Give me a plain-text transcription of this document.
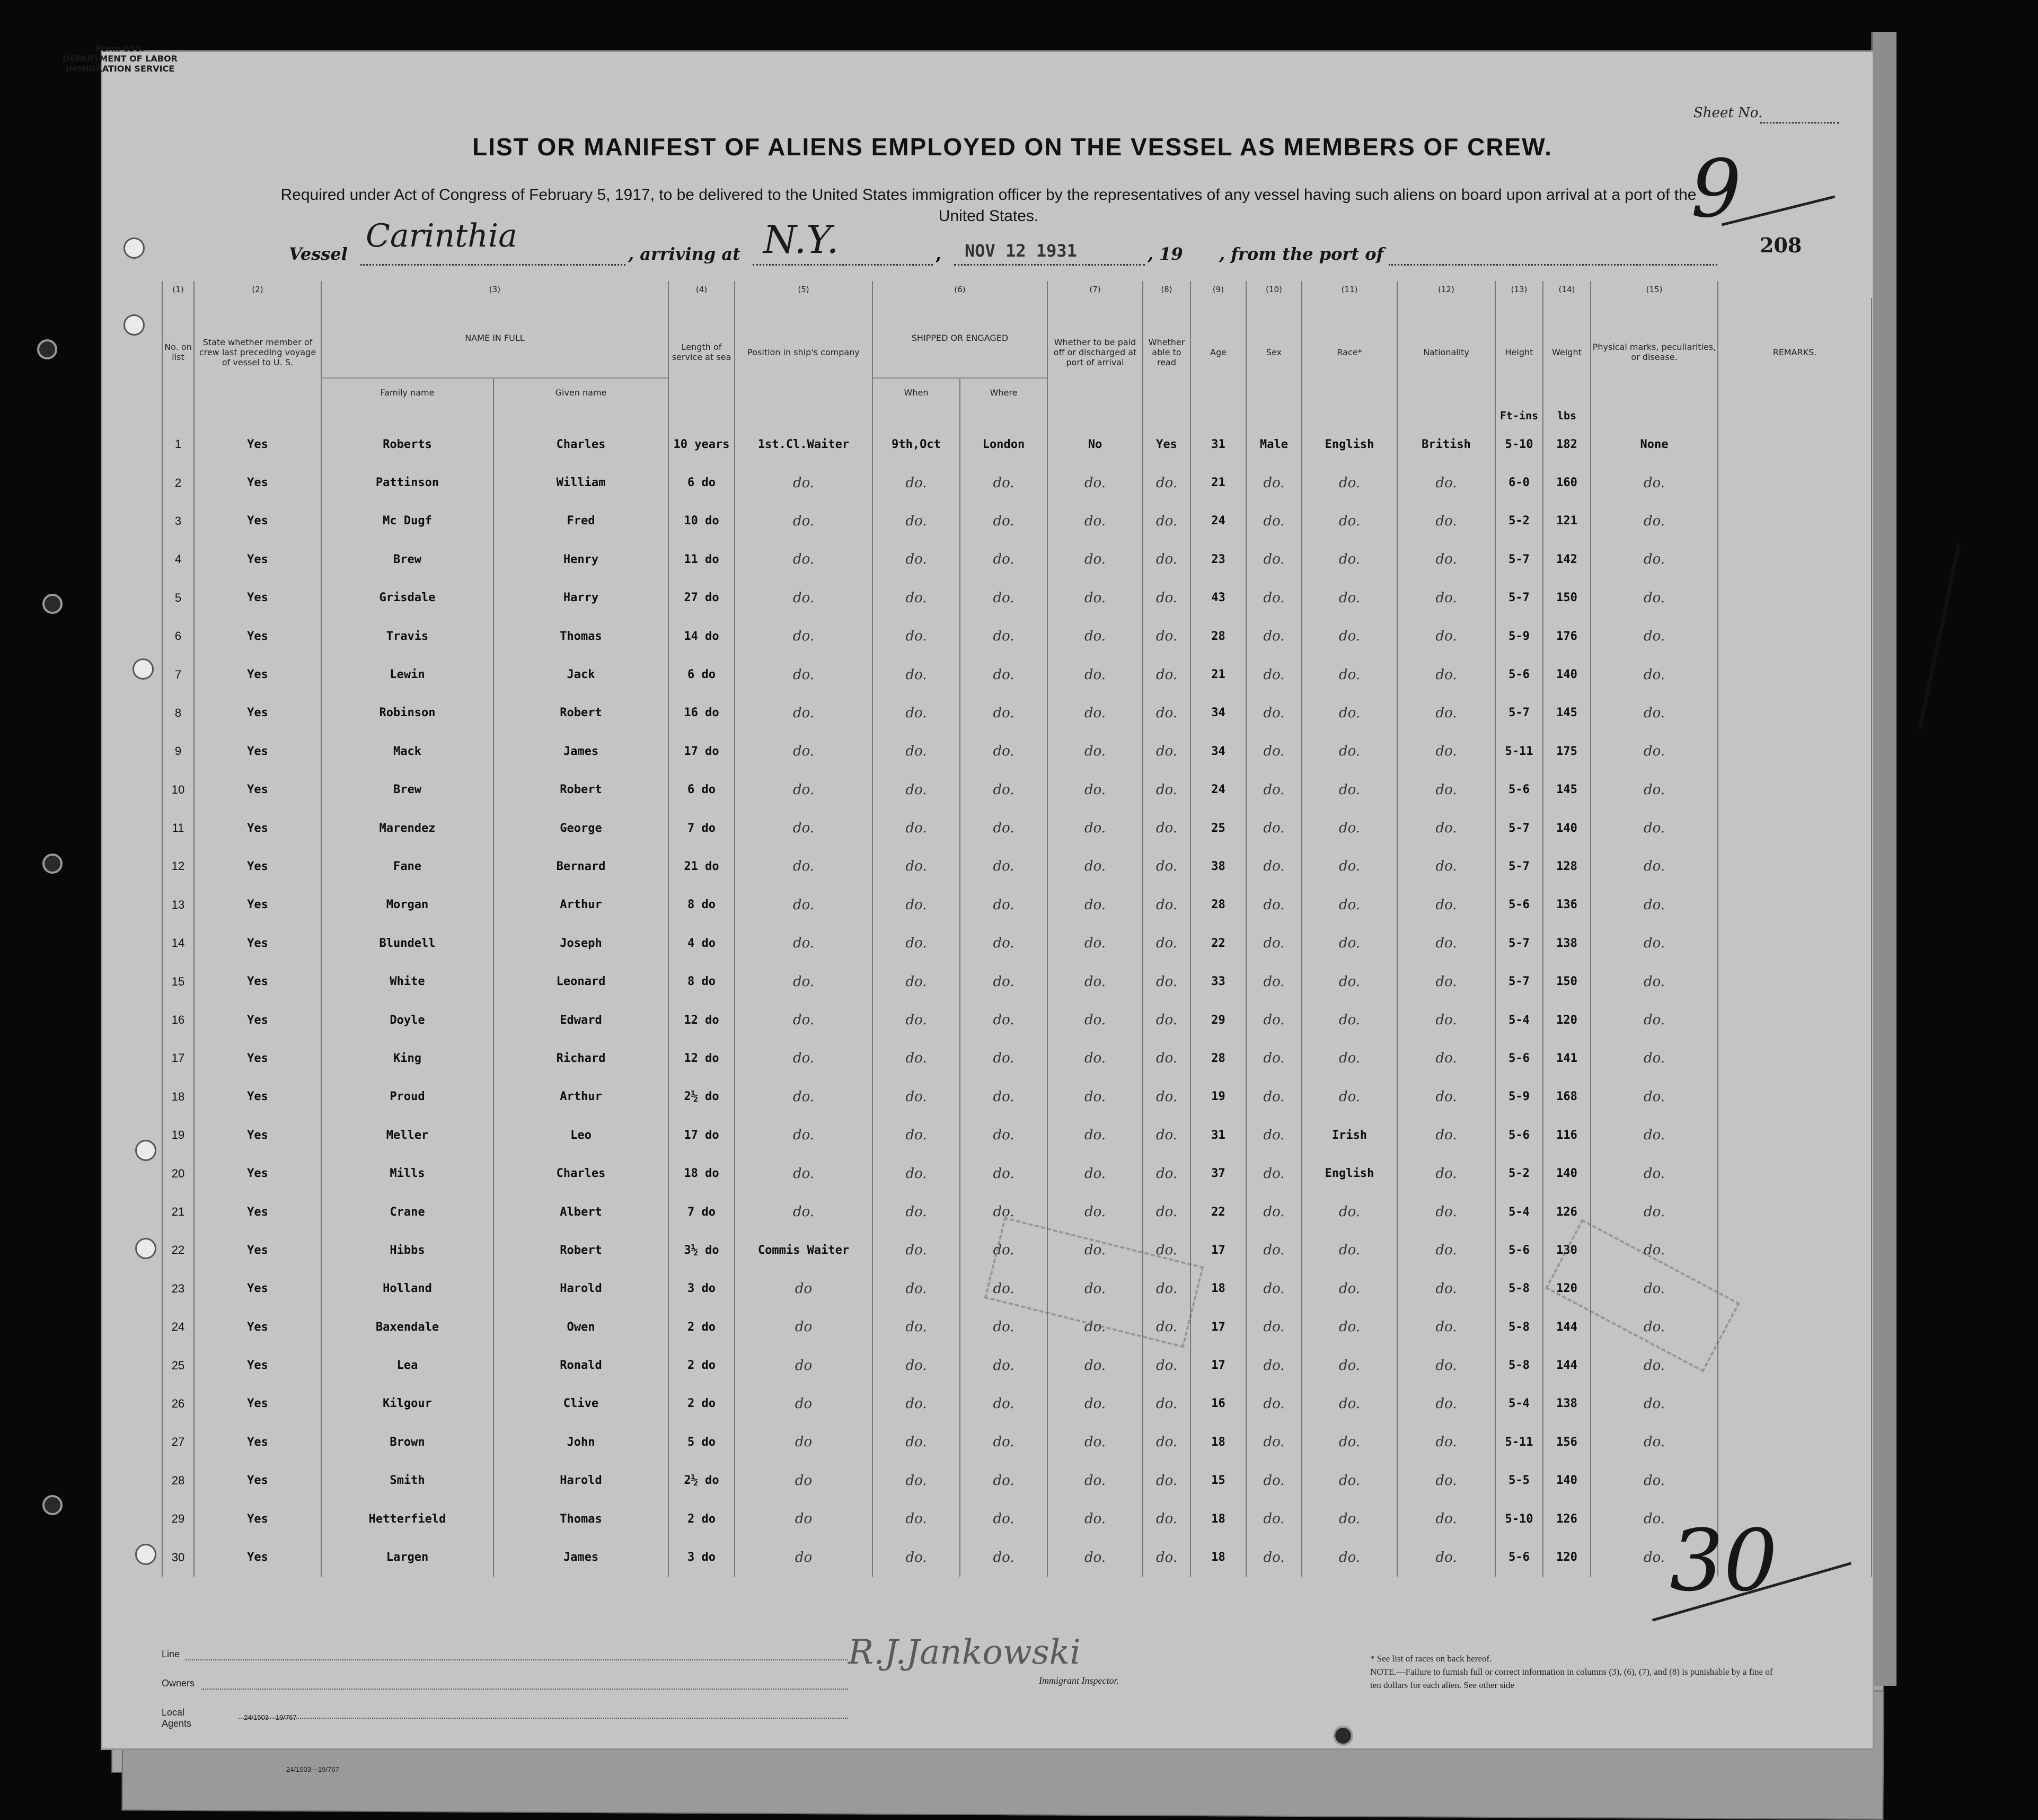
Form 630.
DEPARTMENT OF LABOR
IMMIGRATION SERVICE
Sheet No.
LIST OR MANIFEST OF ALIENS EMPLOYED ON THE VESSEL AS MEMBERS OF CREW.
Required under Act of Congress of February 5, 1917, to be delivered to the United States immigration officer by the representatives of any vessel having such aliens on board upon arrival at a port of the United States.
Vessel Carinthia	, arriving at N.Y.	, NOV 12 1931	, 19 , from the port of
9
208
(1)	(2)	(3)		(4)	(5)	(6)		(7)	(8)	(9)	(10)	(11)	(12)	(13)	(14)	(15)	
No. on list	State whether member of crew last preceding voyage of vessel to U. S.	NAME IN FULL		Length of service at sea	Position in ship's company	SHIPPED OR ENGAGED		Whether to be paid off or discharged at port of arrival	Whether able to read	Age	Sex	Race*	Nationality	Height	Weight	Physical marks, peculiarities, or disease.	REMARKS.
		Family name	Given name			When	Where										
														Ft-ins	lbs		
1	Yes	Roberts	Charles	10 years	1st.Cl.Waiter	9th,Oct	London	No	Yes	31	Male	English	British	5-10	182	None	
2	Yes	Pattinson	William	6 do	do.	do.	do.	do.	do.	21	do.	do.	do.	6-0	160	do.	
3	Yes	Mc Dugf	Fred	10 do	do.	do.	do.	do.	do.	24	do.	do.	do.	5-2	121	do.	
4	Yes	Brew	Henry	11 do	do.	do.	do.	do.	do.	23	do.	do.	do.	5-7	142	do.	
5	Yes	Grisdale	Harry	27 do	do.	do.	do.	do.	do.	43	do.	do.	do.	5-7	150	do.	
6	Yes	Travis	Thomas	14 do	do.	do.	do.	do.	do.	28	do.	do.	do.	5-9	176	do.	
7	Yes	Lewin	Jack	6 do	do.	do.	do.	do.	do.	21	do.	do.	do.	5-6	140	do.	
8	Yes	Robinson	Robert	16 do	do.	do.	do.	do.	do.	34	do.	do.	do.	5-7	145	do.	
9	Yes	Mack	James	17 do	do.	do.	do.	do.	do.	34	do.	do.	do.	5-11	175	do.	
10	Yes	Brew	Robert	6 do	do.	do.	do.	do.	do.	24	do.	do.	do.	5-6	145	do.	
11	Yes	Marendez	George	7 do	do.	do.	do.	do.	do.	25	do.	do.	do.	5-7	140	do.	
12	Yes	Fane	Bernard	21 do	do.	do.	do.	do.	do.	38	do.	do.	do.	5-7	128	do.	
13	Yes	Morgan	Arthur	8 do	do.	do.	do.	do.	do.	28	do.	do.	do.	5-6	136	do.	
14	Yes	Blundell	Joseph	4 do	do.	do.	do.	do.	do.	22	do.	do.	do.	5-7	138	do.	
15	Yes	White	Leonard	8 do	do.	do.	do.	do.	do.	33	do.	do.	do.	5-7	150	do.	
16	Yes	Doyle	Edward	12 do	do.	do.	do.	do.	do.	29	do.	do.	do.	5-4	120	do.	
17	Yes	King	Richard	12 do	do.	do.	do.	do.	do.	28	do.	do.	do.	5-6	141	do.	
18	Yes	Proud	Arthur	2½ do	do.	do.	do.	do.	do.	19	do.	do.	do.	5-9	168	do.	
19	Yes	Meller	Leo	17 do	do.	do.	do.	do.	do.	31	do.	Irish	do.	5-6	116	do.	
20	Yes	Mills	Charles	18 do	do.	do.	do.	do.	do.	37	do.	English	do.	5-2	140	do.	
21	Yes	Crane	Albert	7 do	do.	do.	do.	do.	do.	22	do.	do.	do.	5-4	126	do.	
22	Yes	Hibbs	Robert	3½ do	Commis Waiter	do.	do.	do.	do.	17	do.	do.	do.	5-6	130	do.	
23	Yes	Holland	Harold	3 do	do	do.	do.	do.	do.	18	do.	do.	do.	5-8	120	do.	
24	Yes	Baxendale	Owen	2 do	do	do.	do.	do.	do.	17	do.	do.	do.	5-8	144	do.	
25	Yes	Lea	Ronald	2 do	do	do.	do.	do.	do.	17	do.	do.	do.	5-8	144	do.	
26	Yes	Kilgour	Clive	2 do	do	do.	do.	do.	do.	16	do.	do.	do.	5-4	138	do.	
27	Yes	Brown	John	5 do	do	do.	do.	do.	do.	18	do.	do.	do.	5-11	156	do.	
28	Yes	Smith	Harold	2½ do	do	do.	do.	do.	do.	15	do.	do.	do.	5-5	140	do.	
29	Yes	Hetterfield	Thomas	2 do	do	do.	do.	do.	do.	18	do.	do.	do.	5-10	126	do.	
30	Yes	Largen	James	3 do	do	do.	do.	do.	do.	18	do.	do.	do.	5-6	120	do.	30
Line
Owners
Local Agents
24/1503—19/767
24/1503—19/767
R.J.Jankowski
Immigrant Inspector.
* See list of races on back hereof.
NOTE.—Failure to furnish full or correct information in columns (3), (6), (7), and (8) is punishable by a fine of ten dollars for each alien. See other side
